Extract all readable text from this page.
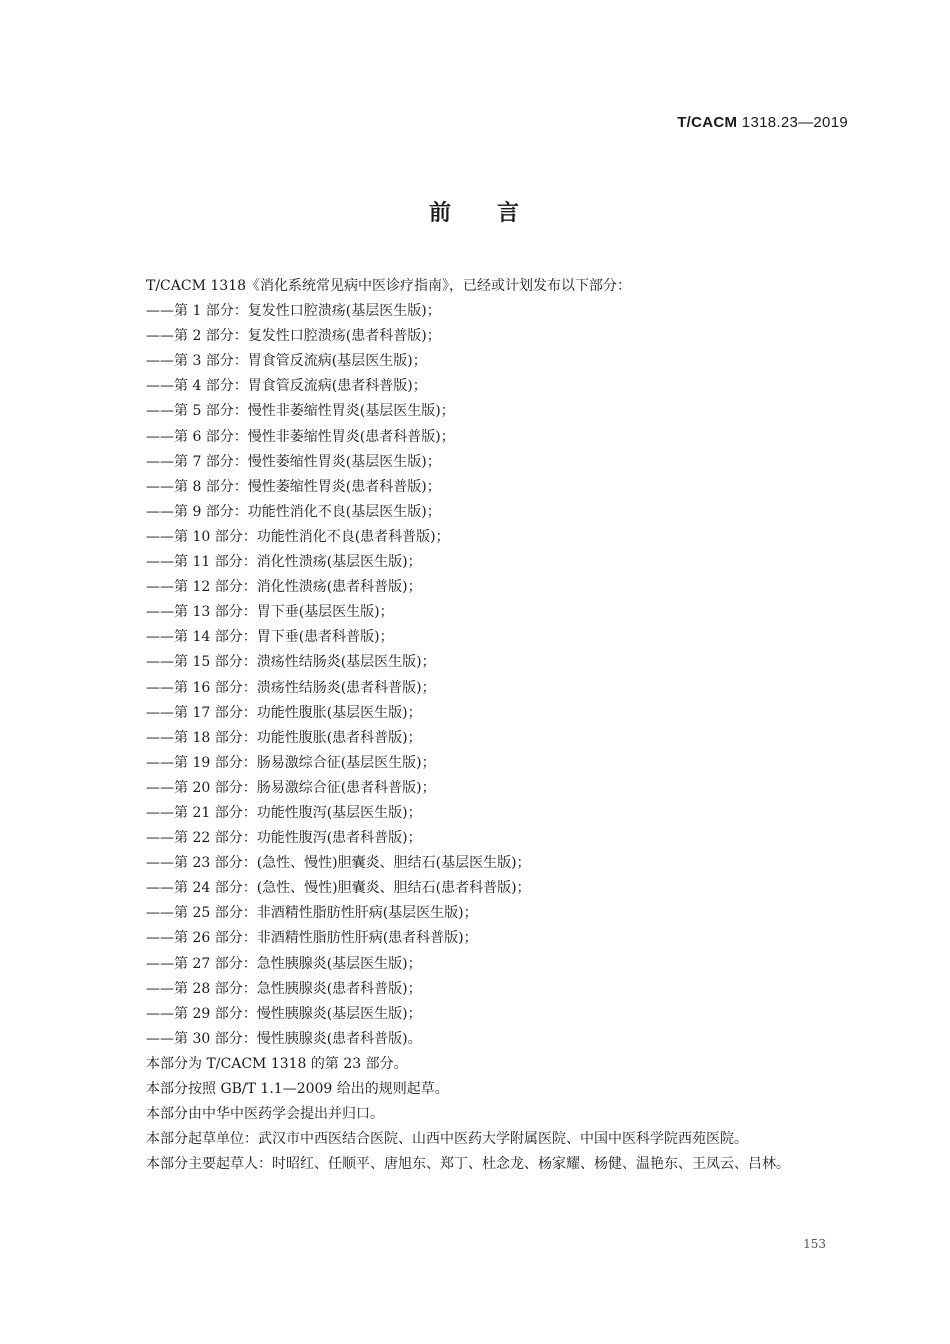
T/CACM 1318.23—2019
前 言
T/CACM 1318《消化系统常见病中医诊疗指南》，已经或计划发布以下部分：
——第 1 部分：复发性口腔溃疡(基层医生版)；
——第 2 部分：复发性口腔溃疡(患者科普版)；
——第 3 部分：胃食管反流病(基层医生版)；
——第 4 部分：胃食管反流病(患者科普版)；
——第 5 部分：慢性非萎缩性胃炎(基层医生版)；
——第 6 部分：慢性非萎缩性胃炎(患者科普版)；
——第 7 部分：慢性萎缩性胃炎(基层医生版)；
——第 8 部分：慢性萎缩性胃炎(患者科普版)；
——第 9 部分：功能性消化不良(基层医生版)；
——第 10 部分：功能性消化不良(患者科普版)；
——第 11 部分：消化性溃疡(基层医生版)；
——第 12 部分：消化性溃疡(患者科普版)；
——第 13 部分：胃下垂(基层医生版)；
——第 14 部分：胃下垂(患者科普版)；
——第 15 部分：溃疡性结肠炎(基层医生版)；
——第 16 部分：溃疡性结肠炎(患者科普版)；
——第 17 部分：功能性腹胀(基层医生版)；
——第 18 部分：功能性腹胀(患者科普版)；
——第 19 部分：肠易激综合征(基层医生版)；
——第 20 部分：肠易激综合征(患者科普版)；
——第 21 部分：功能性腹泻(基层医生版)；
——第 22 部分：功能性腹泻(患者科普版)；
——第 23 部分：(急性、慢性)胆囊炎、胆结石(基层医生版)；
——第 24 部分：(急性、慢性)胆囊炎、胆结石(患者科普版)；
——第 25 部分：非酒精性脂肪性肝病(基层医生版)；
——第 26 部分：非酒精性脂肪性肝病(患者科普版)；
——第 27 部分：急性胰腺炎(基层医生版)；
——第 28 部分：急性胰腺炎(患者科普版)；
——第 29 部分：慢性胰腺炎(基层医生版)；
——第 30 部分：慢性胰腺炎(患者科普版)。
本部分为 T/CACM 1318 的第 23 部分。
本部分按照 GB/T 1.1—2009 给出的规则起草。
本部分由中华中医药学会提出并归口。
本部分起草单位：武汉市中西医结合医院、山西中医药大学附属医院、中国中医科学院西苑医院。
本部分主要起草人：时昭红、任顺平、唐旭东、郑丁、杜念龙、杨家耀、杨健、温艳东、王凤云、吕林。
153
